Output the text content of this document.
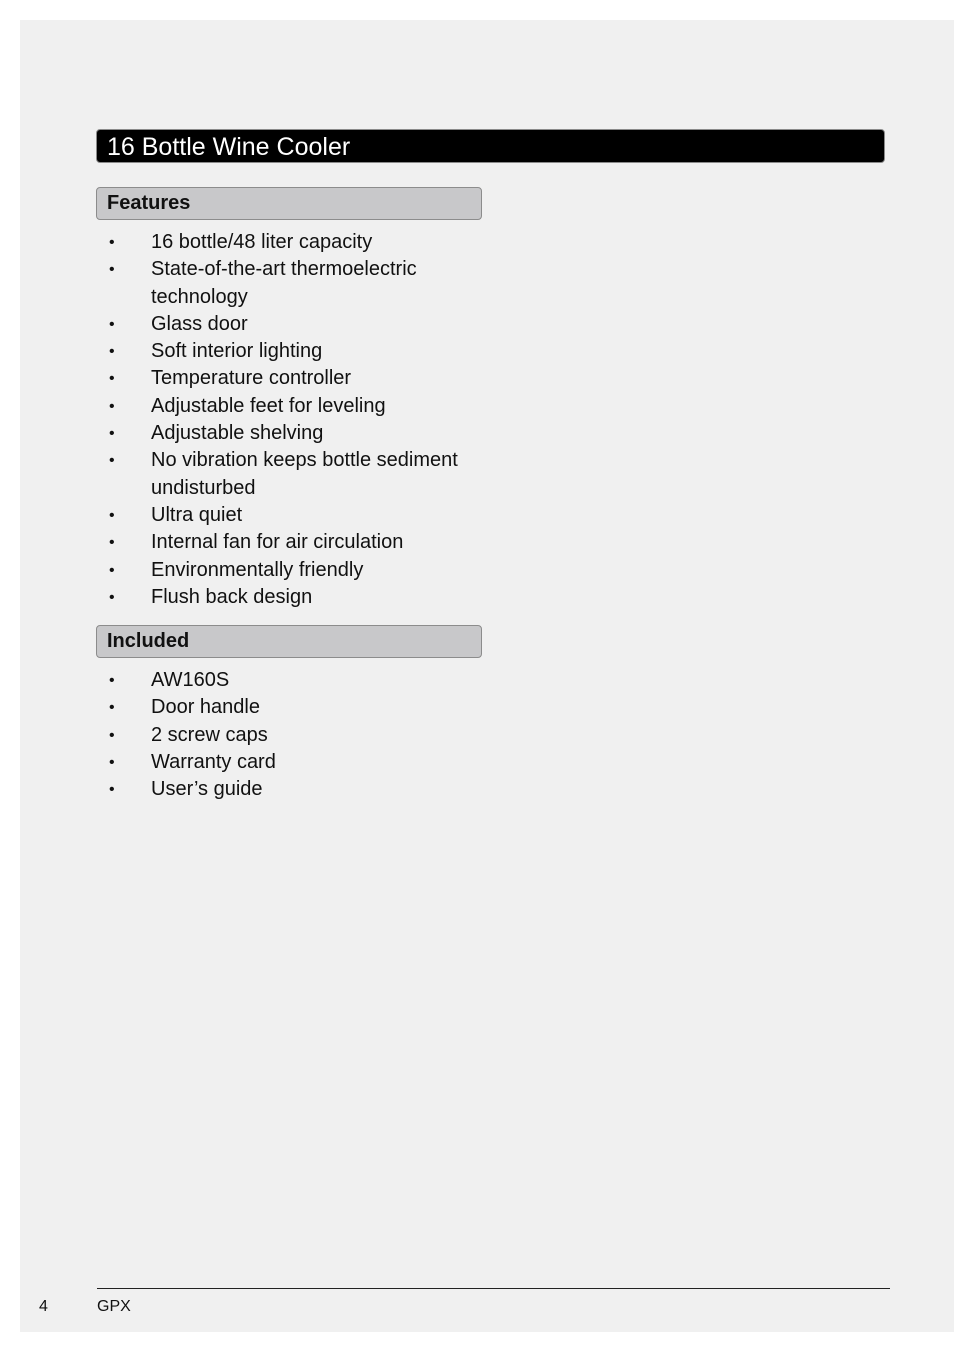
16 Bottle Wine Cooler
Features
• 16 bottle/48 liter capacity
• State-of-the-art thermoelectric technology
• Glass door
• Soft interior lighting
• Temperature controller
• Adjustable feet for leveling
• Adjustable shelving
• No vibration keeps bottle sediment undisturbed
• Ultra quiet
• Internal fan for air circulation
• Environmentally friendly
• Flush back design
Included
• AW160S
• Door handle
• 2 screw caps
• Warranty card
• User’s guide
4	GPX
